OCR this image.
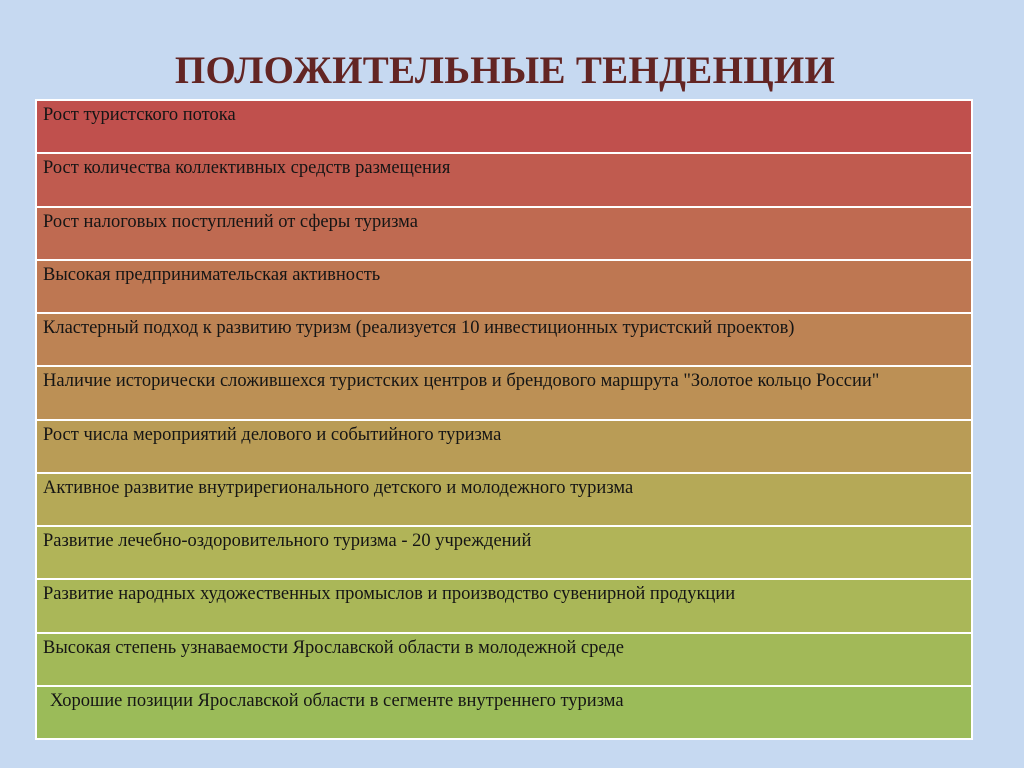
ПОЛОЖИТЕЛЬНЫЕ ТЕНДЕНЦИИ
Рост туристского потока
Рост количества коллективных средств размещения
Рост налоговых поступлений от сферы туризма
Высокая предпринимательская активность
Кластерный подход к развитию туризм (реализуется 10 инвестиционных туристский проектов)
Наличие исторически сложившехся туристских центров и брендового маршрута "Золотое кольцо России"
Рост числа мероприятий делового и событийного туризма
Активное развитие внутрирегионального детского и молодежного туризма
Развитие лечебно-оздоровительного туризма - 20 учреждений
Развитие народных художественных промыслов и производство сувенирной продукции
Высокая степень узнаваемости Ярославской области в молодежной среде
Хорошие позиции Ярославской области в сегменте внутреннего туризма
